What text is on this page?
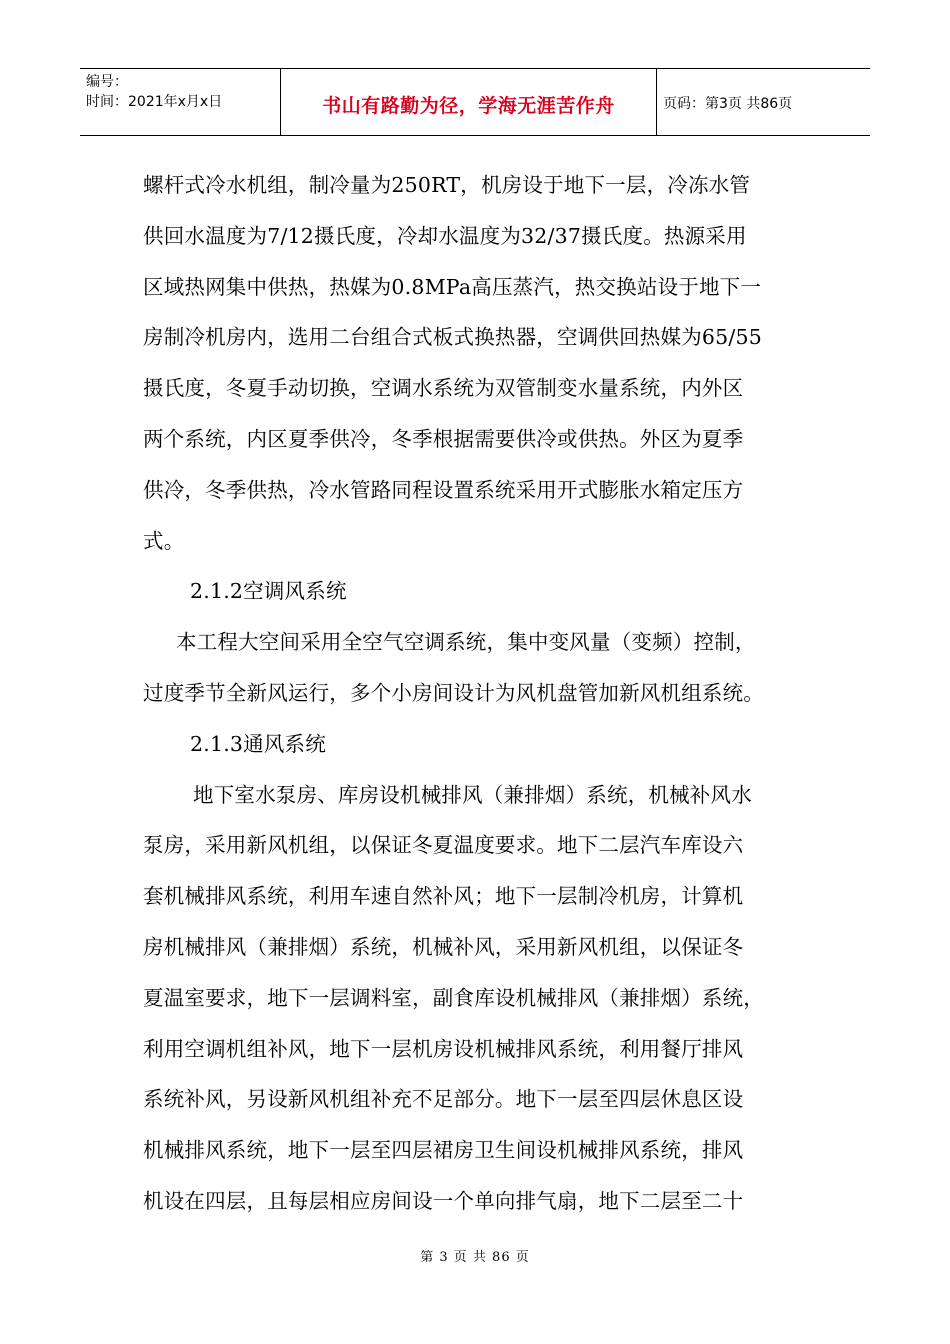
编号：
时间：2021年x月x日	书山有路勤为径，学海无涯苦作舟	页码：第3页 共86页

螺杆式冷水机组，制冷量为250RT，机房设于地下一层，冷冻水管

供回水温度为7/12摄氏度，冷却水温度为32/37摄氏度。热源采用

区域热网集中供热，热媒为0.8MPa高压蒸汽，热交换站设于地下一

房制冷机房内，选用二台组合式板式换热器，空调供回热媒为65/55

摄氏度，冬夏手动切换，空调水系统为双管制变水量系统，内外区

两个系统，内区夏季供冷，冬季根据需要供冷或供热。外区为夏季

供冷，冬季供热，冷水管路同程设置系统采用开式膨胀水箱定压方

式。

2.1.2空调风系统

本工程大空间采用全空气空调系统，集中变风量（变频）控制，

过度季节全新风运行，多个小房间设计为风机盘管加新风机组系统。

2.1.3通风系统

地下室水泵房、库房设机械排风（兼排烟）系统，机械补风水

泵房，采用新风机组，以保证冬夏温度要求。地下二层汽车库设六

套机械排风系统，利用车速自然补风；地下一层制冷机房，计算机

房机械排风（兼排烟）系统，机械补风，采用新风机组，以保证冬

夏温室要求，地下一层调料室，副食库设机械排风（兼排烟）系统，

利用空调机组补风，地下一层机房设机械排风系统，利用餐厅排风

系统补风，另设新风机组补充不足部分。地下一层至四层休息区设

机械排风系统，地下一层至四层裙房卫生间设机械排风系统，排风

机设在四层，且每层相应房间设一个单向排气扇，地下二层至二十

第 3 页 共 86 页
